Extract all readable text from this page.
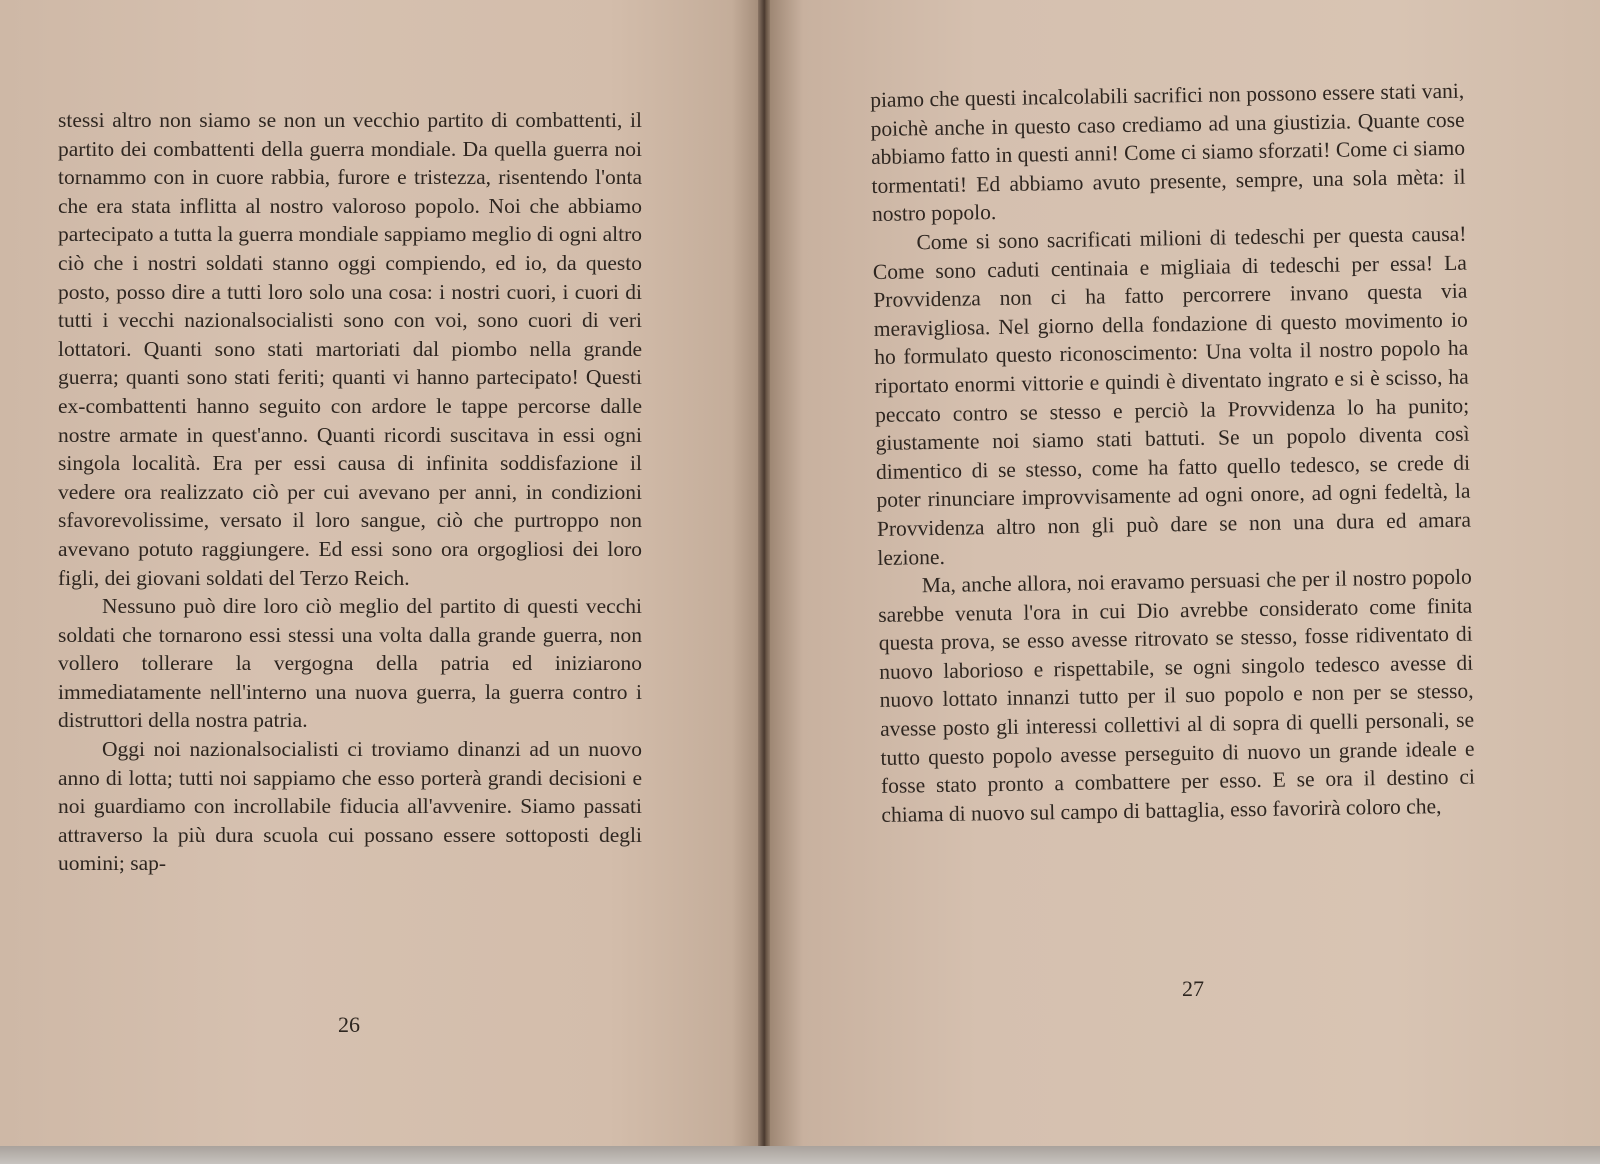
stessi altro non siamo se non un vecchio partito di combattenti, il partito dei combattenti della guerra mondiale. Da quella guerra noi tornammo con in cuore rabbia, furore e tristezza, risentendo l'onta che era stata inflitta al nostro valoroso popolo. Noi che abbiamo partecipato a tutta la guerra mondiale sappiamo meglio di ogni altro ciò che i nostri soldati stanno oggi compiendo, ed io, da questo posto, posso dire a tutti loro solo una cosa: i nostri cuori, i cuori di tutti i vecchi nazionalsocialisti sono con voi, sono cuori di veri lottatori. Quanti sono stati martoriati dal piombo nella grande guerra; quanti sono stati feriti; quanti vi hanno partecipato! Questi ex-combattenti hanno seguito con ardore le tappe percorse dalle nostre armate in quest'anno. Quanti ricordi suscitava in essi ogni singola località. Era per essi causa di infinita soddisfazione il vedere ora realizzato ciò per cui avevano per anni, in condizioni sfavorevolissime, versato il loro sangue, ciò che purtroppo non avevano potuto raggiungere. Ed essi sono ora orgogliosi dei loro figli, dei giovani soldati del Terzo Reich.

Nessuno può dire loro ciò meglio del partito di questi vecchi soldati che tornarono essi stessi una volta dalla grande guerra, non vollero tollerare la vergogna della patria ed iniziarono immediatamente nell'interno una nuova guerra, la guerra contro i distruttori della nostra patria.

Oggi noi nazionalsocialisti ci troviamo dinanzi ad un nuovo anno di lotta; tutti noi sappiamo che esso porterà grandi decisioni e noi guardiamo con incrollabile fiducia all'avvenire. Siamo passati attraverso la più dura scuola cui possano essere sottoposti degli uomini; sap-

26

piamo che questi incalcolabili sacrifici non possono essere stati vani, poichè anche in questo caso crediamo ad una giustizia. Quante cose abbiamo fatto in questi anni! Come ci siamo sforzati! Come ci siamo tormentati! Ed abbiamo avuto presente, sempre, una sola mèta: il nostro popolo.

Come si sono sacrificati milioni di tedeschi per questa causa! Come sono caduti centinaia e migliaia di tedeschi per essa! La Provvidenza non ci ha fatto percorrere invano questa via meravigliosa. Nel giorno della fondazione di questo movimento io ho formulato questo riconoscimento: Una volta il nostro popolo ha riportato enormi vittorie e quindi è diventato ingrato e si è scisso, ha peccato contro se stesso e perciò la Provvidenza lo ha punito; giustamente noi siamo stati battuti. Se un popolo diventa così dimentico di se stesso, come ha fatto quello tedesco, se crede di poter rinunciare improvvisamente ad ogni onore, ad ogni fedeltà, la Provvidenza altro non gli può dare se non una dura ed amara lezione.

Ma, anche allora, noi eravamo persuasi che per il nostro popolo sarebbe venuta l'ora in cui Dio avrebbe considerato come finita questa prova, se esso avesse ritrovato se stesso, fosse ridiventato di nuovo laborioso e rispettabile, se ogni singolo tedesco avesse di nuovo lottato innanzi tutto per il suo popolo e non per se stesso, avesse posto gli interessi collettivi al di sopra di quelli personali, se tutto questo popolo avesse perseguito di nuovo un grande ideale e fosse stato pronto a combattere per esso. E se ora il destino ci chiama di nuovo sul campo di battaglia, esso favorirà coloro che,

27
